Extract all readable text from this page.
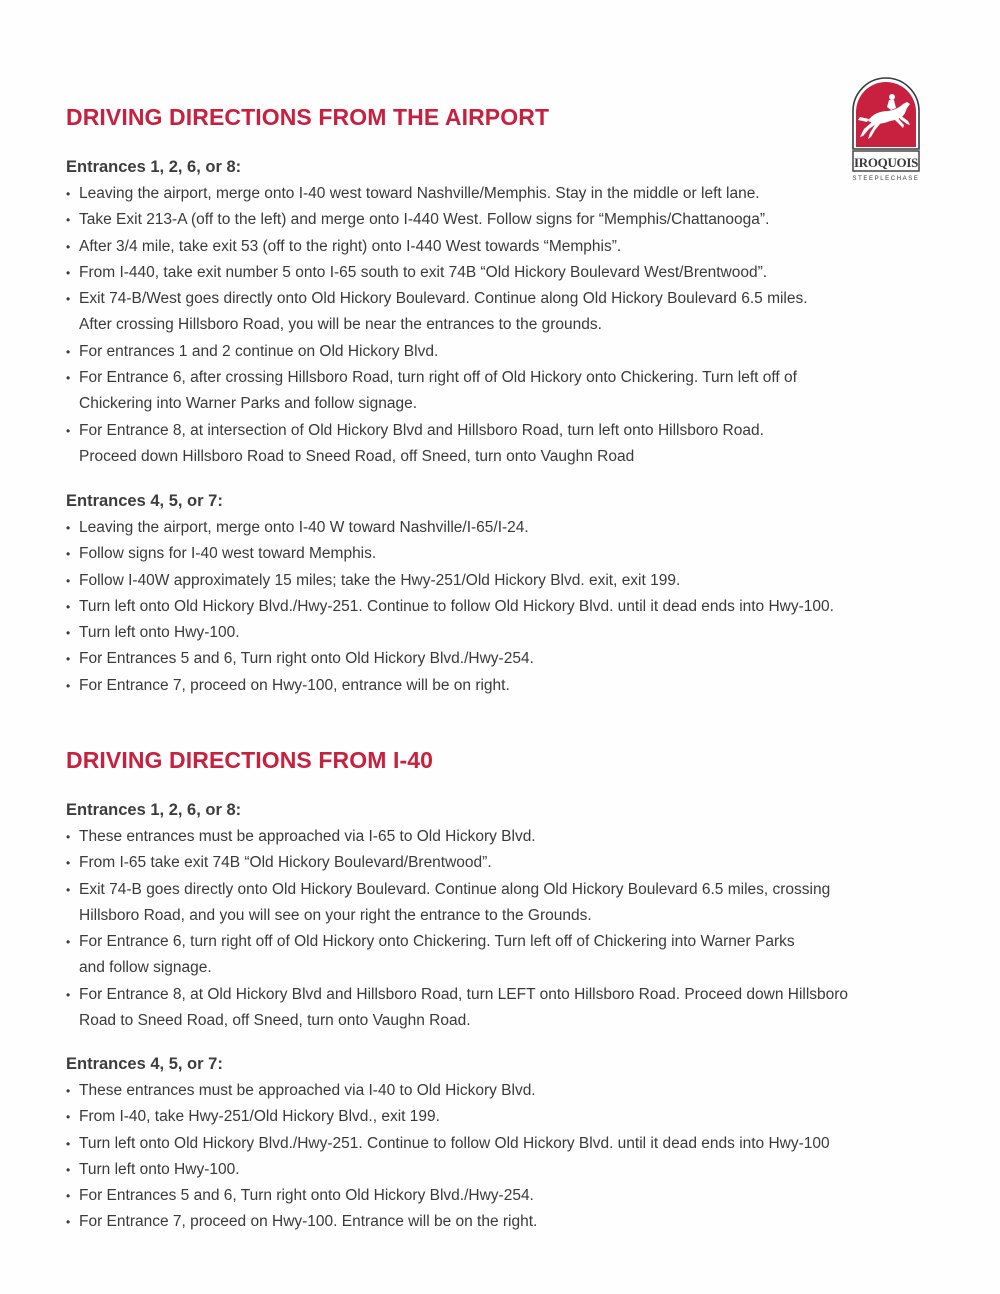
IROQUOIS
STEEPLECHASE
DRIVING DIRECTIONS FROM THE AIRPORT
Entrances 1, 2, 6, or 8:
• Leaving the airport, merge onto I-40 west toward Nashville/Memphis. Stay in the middle or left lane.
• Take Exit 213-A (off to the left) and merge onto I-440 West. Follow signs for “Memphis/Chattanooga”.
• After 3/4 mile, take exit 53 (off to the right) onto I-440 West towards “Memphis”.
• From I-440, take exit number 5 onto I-65 south to exit 74B “Old Hickory Boulevard West/Brentwood”.
• Exit 74-B/West goes directly onto Old Hickory Boulevard. Continue along Old Hickory Boulevard 6.5 miles.
After crossing Hillsboro Road, you will be near the entrances to the grounds.
• For entrances 1 and 2 continue on Old Hickory Blvd.
• For Entrance 6, after crossing Hillsboro Road, turn right off of Old Hickory onto Chickering. Turn left off of
Chickering into Warner Parks and follow signage.
• For Entrance 8, at intersection of Old Hickory Blvd and Hillsboro Road, turn left onto Hillsboro Road.
Proceed down Hillsboro Road to Sneed Road, off Sneed, turn onto Vaughn Road
Entrances 4, 5, or 7:
• Leaving the airport, merge onto I-40 W toward Nashville/I-65/I-24.
• Follow signs for I-40 west toward Memphis.
• Follow I-40W approximately 15 miles; take the Hwy-251/Old Hickory Blvd. exit, exit 199.
• Turn left onto Old Hickory Blvd./Hwy-251. Continue to follow Old Hickory Blvd. until it dead ends into Hwy-100.
• Turn left onto Hwy-100.
• For Entrances 5 and 6, Turn right onto Old Hickory Blvd./Hwy-254.
• For Entrance 7, proceed on Hwy-100, entrance will be on right.
DRIVING DIRECTIONS FROM I-40
Entrances 1, 2, 6, or 8:
• These entrances must be approached via I-65 to Old Hickory Blvd.
• From I-65 take exit 74B “Old Hickory Boulevard/Brentwood”.
• Exit 74-B goes directly onto Old Hickory Boulevard. Continue along Old Hickory Boulevard 6.5 miles, crossing
Hillsboro Road, and you will see on your right the entrance to the Grounds.
• For Entrance 6, turn right off of Old Hickory onto Chickering. Turn left off of Chickering into Warner Parks
and follow signage.
• For Entrance 8, at Old Hickory Blvd and Hillsboro Road, turn LEFT onto Hillsboro Road. Proceed down Hillsboro
Road to Sneed Road, off Sneed, turn onto Vaughn Road.
Entrances 4, 5, or 7:
• These entrances must be approached via I-40 to Old Hickory Blvd.
• From I-40, take Hwy-251/Old Hickory Blvd., exit 199.
• Turn left onto Old Hickory Blvd./Hwy-251. Continue to follow Old Hickory Blvd. until it dead ends into Hwy-100
• Turn left onto Hwy-100.
• For Entrances 5 and 6, Turn right onto Old Hickory Blvd./Hwy-254.
• For Entrance 7, proceed on Hwy-100. Entrance will be on the right.
